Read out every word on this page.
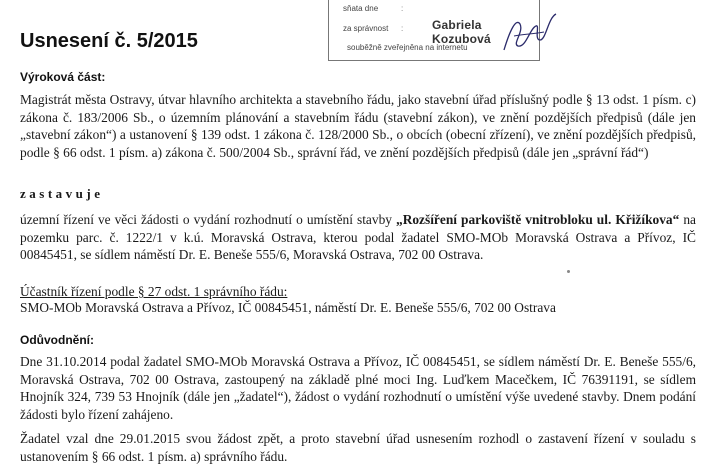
sňata dne	:
za správnost : Gabriela Kozubová
souběžně zveřejněna na internetu
Usnesení č. 5/2015
Výroková část:

Magistrát města Ostravy, útvar hlavního architekta a stavebního řádu, jako stavební úřad příslušný podle § 13 odst. 1 písm. c) zákona č. 183/2006 Sb., o územním plánování a stavebním řádu (stavební zákon), ve znění pozdějších předpisů (dále jen „stavební zákon“) a ustanovení § 139 odst. 1 zákona č. 128/2000 Sb., o obcích (obecní zřízení), ve znění pozdějších předpisů, podle § 66 odst. 1 písm. a) zákona č. 500/2004 Sb., správní řád, ve znění pozdějších předpisů (dále jen „správní řád“)

zastavuje

územní řízení ve věci žádosti o vydání rozhodnutí o umístění stavby „Rozšíření parkoviště vnitrobloku ul. Křižíkova“ na pozemku parc. č. 1222/1 v k.ú. Moravská Ostrava, kterou podal žadatel SMO-MOb Moravská Ostrava a Přívoz, IČ 00845451, se sídlem náměstí Dr. E. Beneše 555/6, Moravská Ostrava, 702 00 Ostrava.

Účastník řízení podle § 27 odst. 1 správního řádu:

SMO-MOb Moravská Ostrava a Přívoz, IČ 00845451, náměstí Dr. E. Beneše 555/6, 702 00 Ostrava

Odůvodnění:

Dne 31.10.2014 podal žadatel SMO-MOb Moravská Ostrava a Přívoz, IČ 00845451, se sídlem náměstí Dr. E. Beneše 555/6, Moravská Ostrava, 702 00 Ostrava, zastoupený na základě plné moci Ing. Luďkem Macečkem, IČ 76391191, se sídlem Hnojník 324, 739 53 Hnojník (dále jen „žadatel“), žádost o vydání rozhodnutí o umístění výše uvedené stavby. Dnem podání žádosti bylo řízení zahájeno.

Žadatel vzal dne 29.01.2015 svou žádost zpět, a proto stavební úřad usnesením rozhodl o zastavení řízení v souladu s ustanovením § 66 odst. 1 písm. a) správního řádu.
